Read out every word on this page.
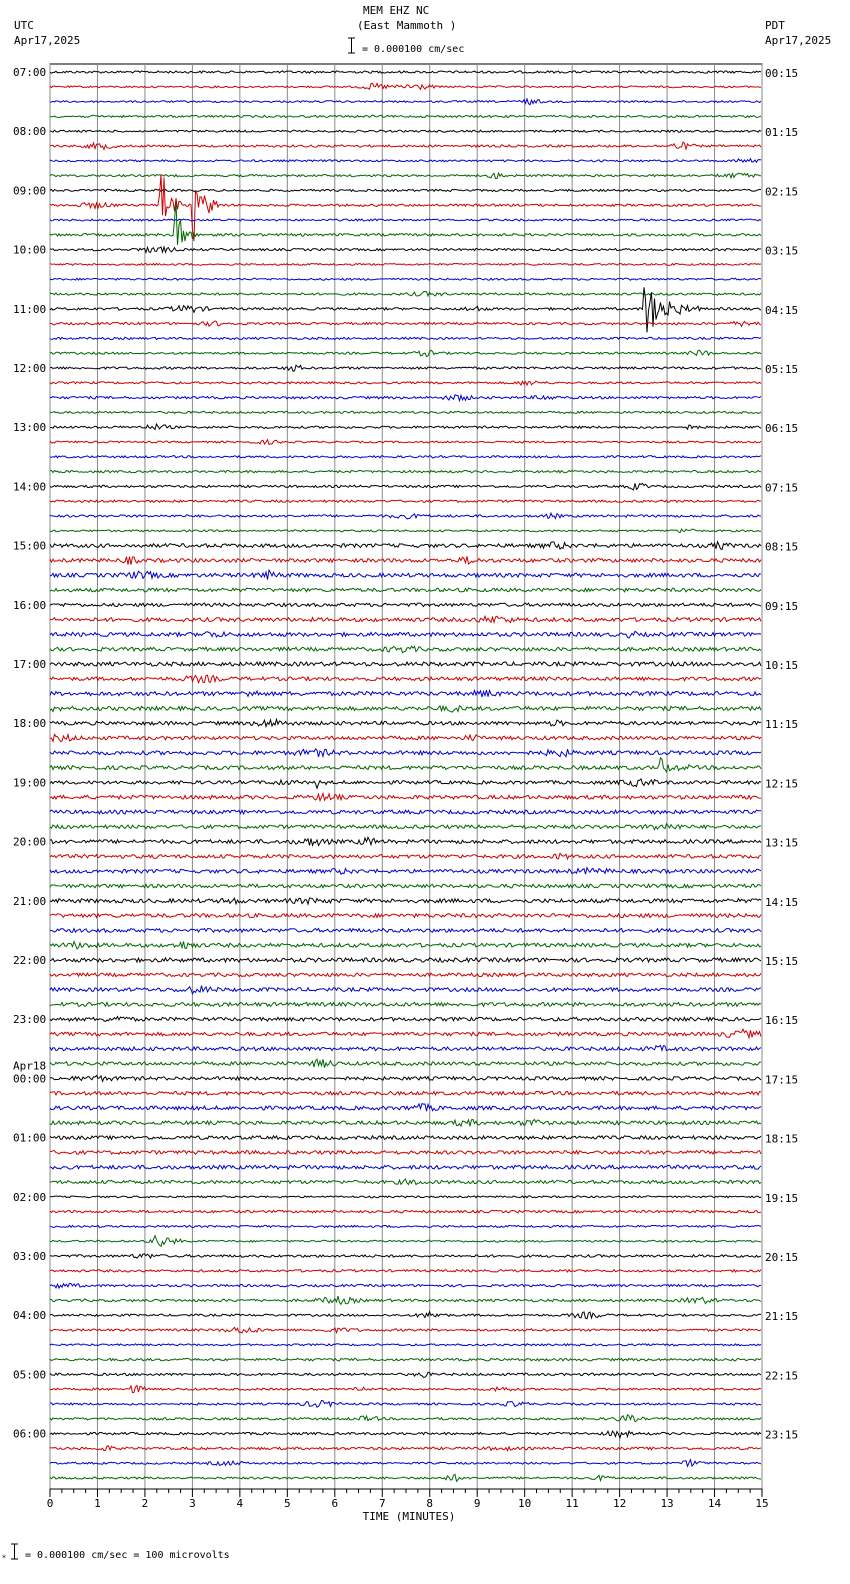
MEM EHZ NC
(East Mammoth )
UTC
Apr17,2025
PDT
Apr17,2025
= 0.000100 cm/sec
07:00
08:00
09:00
10:00
11:00
12:00
13:00
14:00
15:00
16:00
17:00
18:00
19:00
20:00
21:00
22:00
23:00
00:00
01:00
02:00
03:00
04:00
05:00
06:00
Apr18
00:15
01:15
02:15
03:15
04:15
05:15
06:15
07:15
08:15
09:15
10:15
11:15
12:15
13:15
14:15
15:15
16:15
17:15
18:15
19:15
20:15
21:15
22:15
23:15
0	1	2	3	4	5	6	7	8	9	10	11	12	13	14	15
TIME (MINUTES)
⁎ = 0.000100 cm/sec = 100 microvolts
